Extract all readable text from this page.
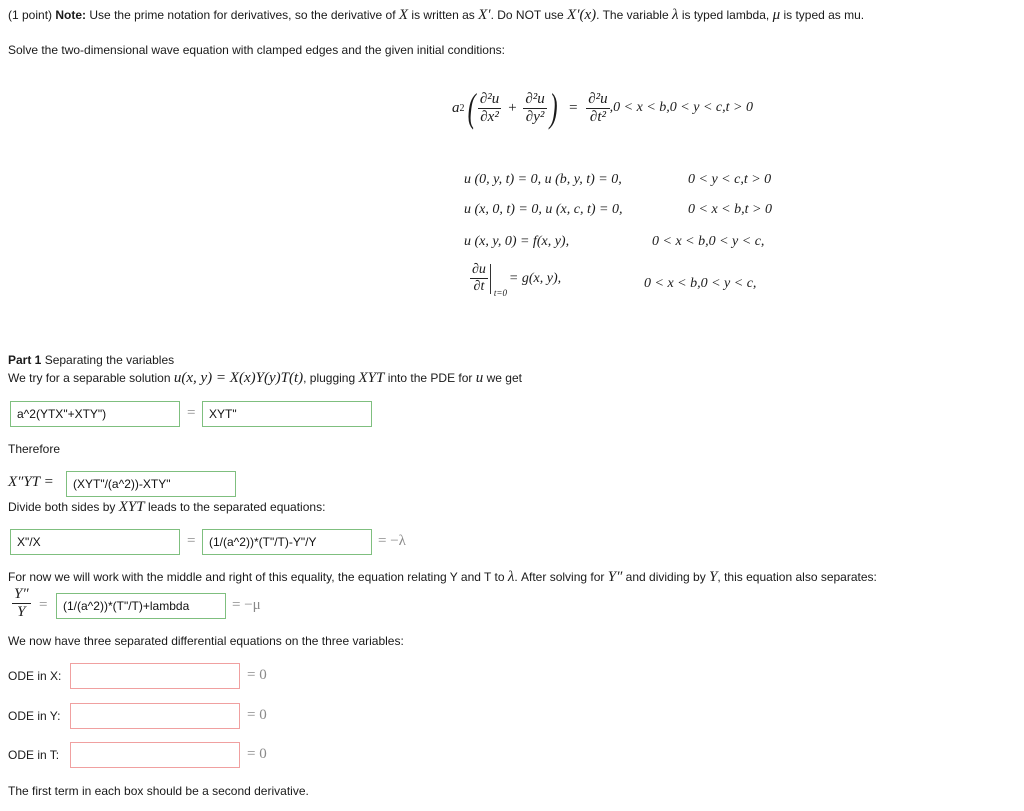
(1 point) Note: Use the prime notation for derivatives, so the derivative of X is written as X′. Do NOT use X′(x). The variable λ is typed lambda, μ is typed as mu.
Solve the two-dimensional wave equation with clamped edges and the given initial conditions:
a 2 ( $\frac{\text{∂²u}}{\text{∂x²}} + \frac{\text{∂²u}}{\text{∂y²}}$ ) = $\frac{\text{∂²u}}{\text{∂t²}} ,0 < x < b,0 < y < c,t > 0$
u (0, y, t) = 0, u (b, y, t) = 0,	0 < y < c,t > 0
u (x, 0, t) = 0, u (x, c, t) = 0,	0 < x < b,t > 0
u (x, y, 0) = f(x, y),	0 < x < b,0 < y < c,
$\frac{\partial u}{\partial t} t=0$
= g(x, y),	0 < x < b,0 < y < c,
Part 1 Separating the variables
We try for a separable solution u(x, y) = X(x)Y(y)T(t), plugging XYT into the PDE for u we get
a^2(YTX"+XTY")	=	XYT"
Therefore
X″YT =	(XYT"/(a^2))-XTY"
Divide both sides by XYT leads to the separated equations:
X"/X	=	(1/(a^2))*(T"/T)-Y"/Y	= −λ
For now we will work with the middle and right of this equality, the equation relating Y and T to λ. After solving for Y″ and dividing by Y, this equation also separates:
$\frac{Y''}{Y}$ =	(1/(a^2))*(T"/T)+lambda	= −μ
We now have three separated differential equations on the three variables:
ODE in X:	= 0
ODE in Y:	= 0
ODE in T:	= 0
The first term in each box should be a second derivative.
